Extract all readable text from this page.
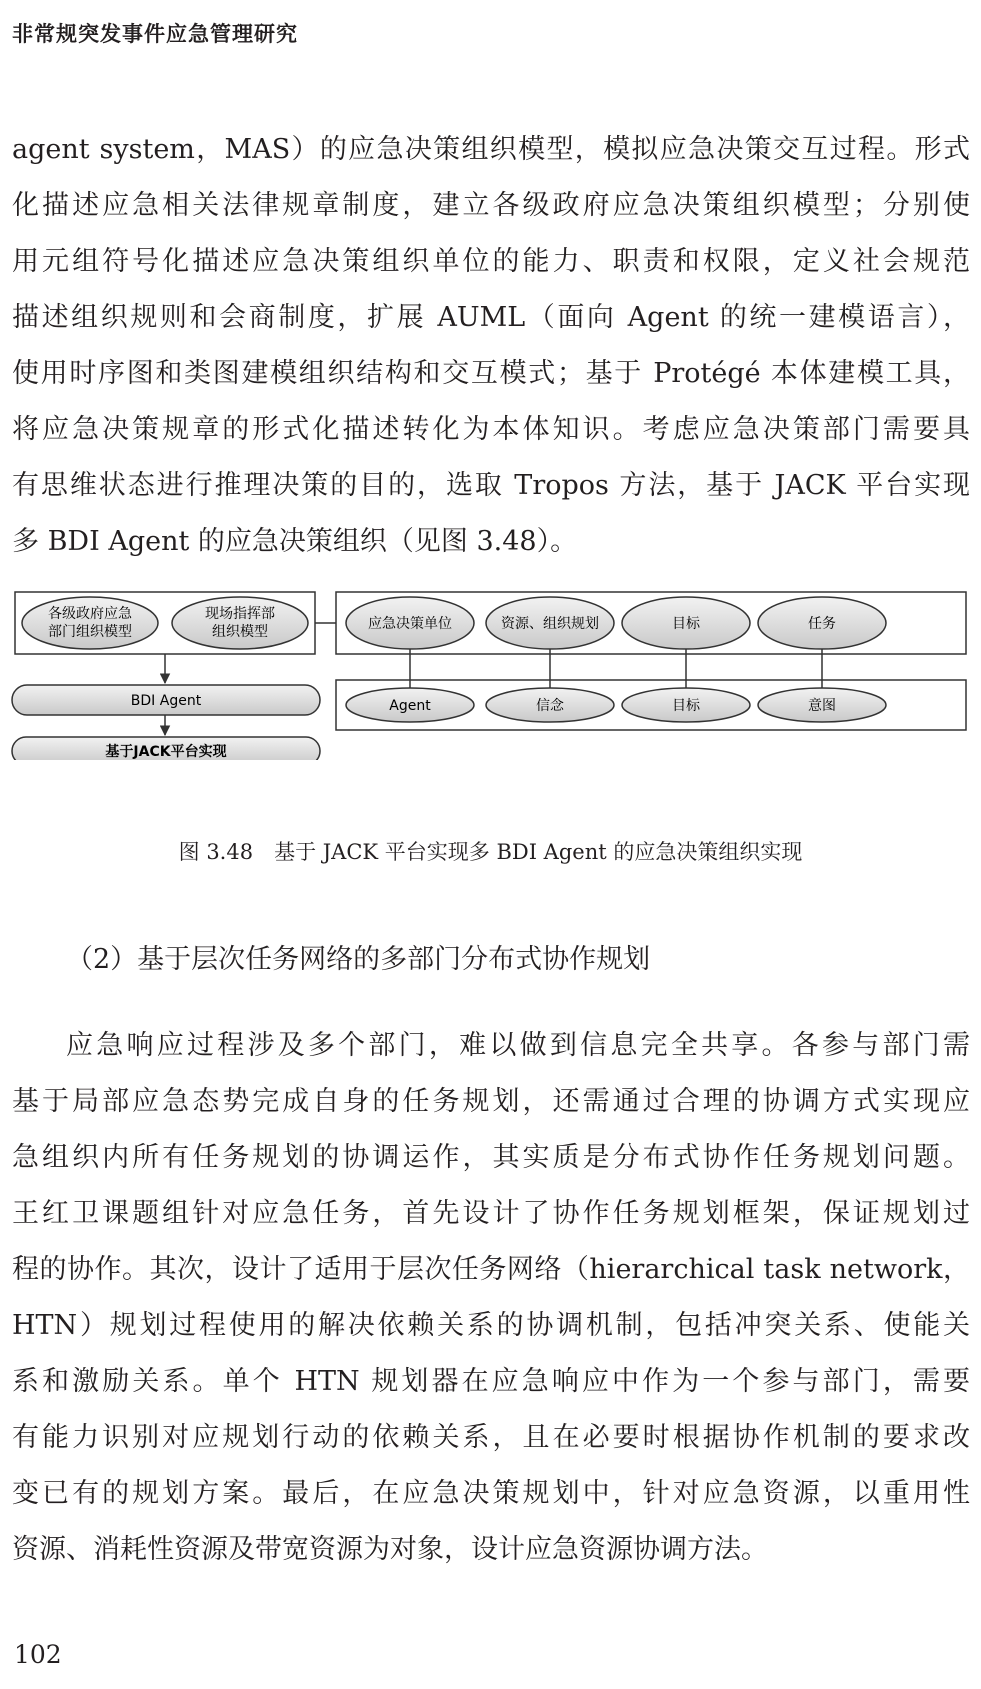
非常规突发事件应急管理研究
agent system，MAS）的应急决策组织模型，模拟应急决策交互过程。形式
化描述应急相关法律规章制度，建立各级政府应急决策组织模型；分别使
用元组符号化描述应急决策组织单位的能力、职责和权限，定义社会规范
描述组织规则和会商制度，扩展 AUML（面向 Agent 的统一建模语言），
使用时序图和类图建模组织结构和交互模式；基于 Protégé 本体建模工具，
将应急决策规章的形式化描述转化为本体知识。考虑应急决策部门需要具
有思维状态进行推理决策的目的，选取 Tropos 方法，基于 JACK 平台实现
多 BDI Agent 的应急决策组织（见图 3.48）。
各级政府应急
部门组织模型
现场指挥部
组织模型
BDI Agent
基于JACK平台实现
应急决策单位	资源、组织规划	目标	任务
Agent	信念	目标	意图
图 3.48　基于 JACK 平台实现多 BDI Agent 的应急决策组织实现
（2）基于层次任务网络的多部门分布式协作规划
应急响应过程涉及多个部门，难以做到信息完全共享。各参与部门需
基于局部应急态势完成自身的任务规划，还需通过合理的协调方式实现应
急组织内所有任务规划的协调运作，其实质是分布式协作任务规划问题。
王红卫课题组针对应急任务，首先设计了协作任务规划框架，保证规划过
程的协作。其次，设计了适用于层次任务网络（hierarchical task network，
HTN）规划过程使用的解决依赖关系的协调机制，包括冲突关系、使能关
系和激励关系。单个 HTN 规划器在应急响应中作为一个参与部门，需要
有能力识别对应规划行动的依赖关系，且在必要时根据协作机制的要求改
变已有的规划方案。最后，在应急决策规划中，针对应急资源，以重用性
资源、消耗性资源及带宽资源为对象，设计应急资源协调方法。
102
